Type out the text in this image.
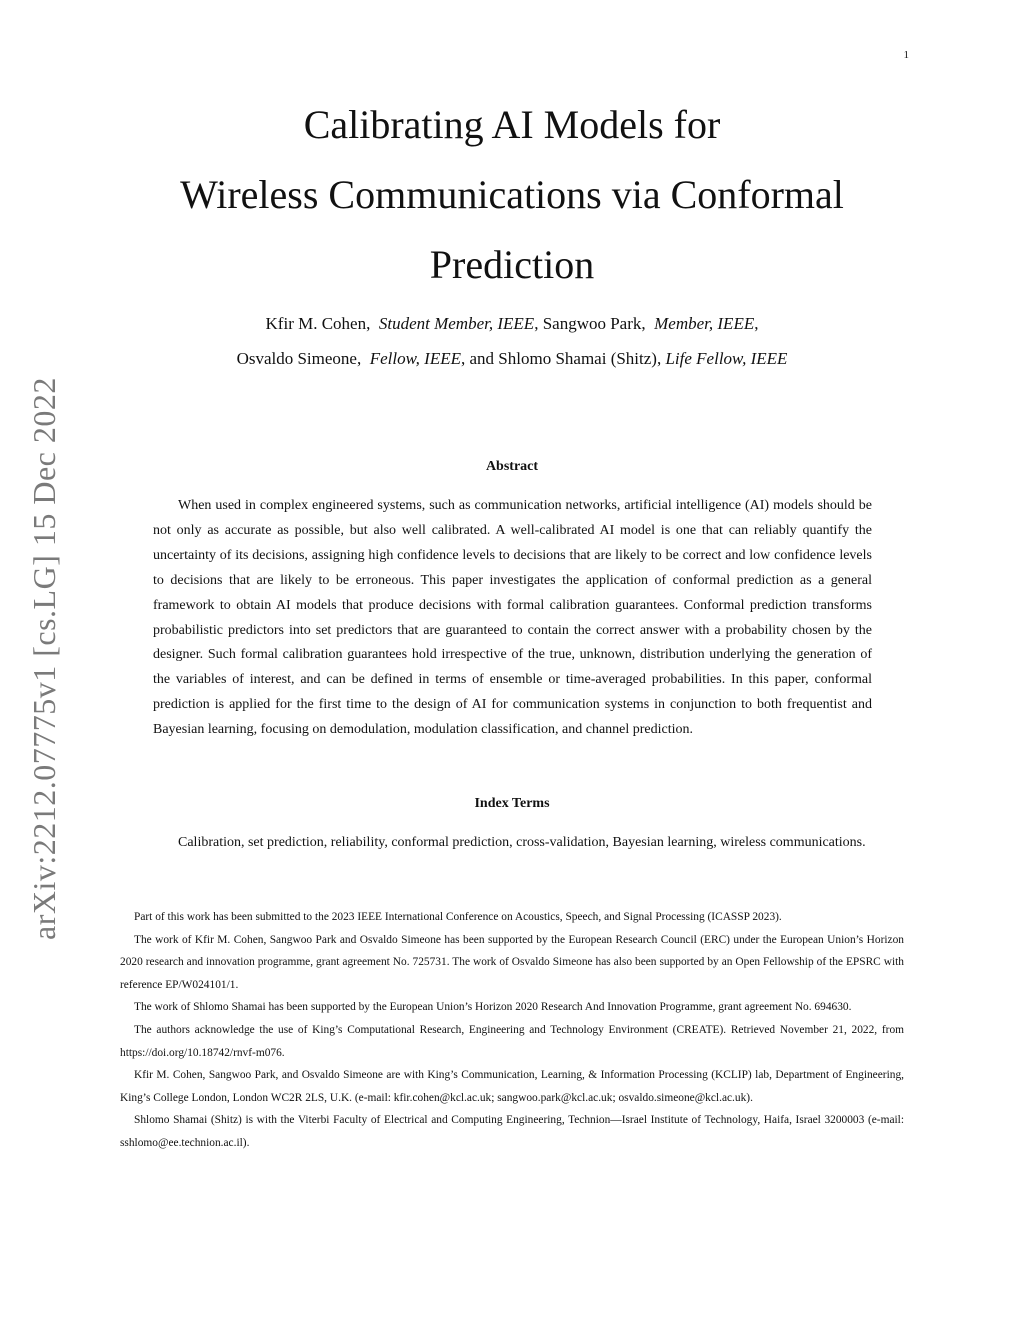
1
arXiv:2212.07775v1 [cs.LG] 15 Dec 2022
Calibrating AI Models for
Wireless Communications via Conformal
Prediction
Kfir M. Cohen, Student Member, IEEE, Sangwoo Park, Member, IEEE,
Osvaldo Simeone, Fellow, IEEE, and Shlomo Shamai (Shitz), Life Fellow, IEEE
Abstract

When used in complex engineered systems, such as communication networks, artificial intelligence (AI) models should be not only as accurate as possible, but also well calibrated. A well-calibrated AI model is one that can reliably quantify the uncertainty of its decisions, assigning high confidence levels to decisions that are likely to be correct and low confidence levels to decisions that are likely to be erroneous. This paper investigates the application of conformal prediction as a general framework to obtain AI models that produce decisions with formal calibration guarantees. Conformal prediction transforms probabilistic predictors into set predictors that are guaranteed to contain the correct answer with a probability chosen by the designer. Such formal calibration guarantees hold irrespective of the true, unknown, distribution underlying the generation of the variables of interest, and can be defined in terms of ensemble or time-averaged probabilities. In this paper, conformal prediction is applied for the first time to the design of AI for communication systems in conjunction to both frequentist and Bayesian learning, focusing on demodulation, modulation classification, and channel prediction.

Index Terms

Calibration, set prediction, reliability, conformal prediction, cross-validation, Bayesian learning, wireless communications.

Part of this work has been submitted to the 2023 IEEE International Conference on Acoustics, Speech, and Signal Processing (ICASSP 2023).

The work of Kfir M. Cohen, Sangwoo Park and Osvaldo Simeone has been supported by the European Research Council (ERC) under the European Union’s Horizon 2020 research and innovation programme, grant agreement No. 725731. The work of Osvaldo Simeone has also been supported by an Open Fellowship of the EPSRC with reference EP/W024101/1.

The work of Shlomo Shamai has been supported by the European Union’s Horizon 2020 Research And Innovation Programme, grant agreement No. 694630.

The authors acknowledge the use of King’s Computational Research, Engineering and Technology Environment (CREATE). Retrieved November 21, 2022, from https://doi.org/10.18742/rnvf-m076.

Kfir M. Cohen, Sangwoo Park, and Osvaldo Simeone are with King’s Communication, Learning, & Information Processing (KCLIP) lab, Department of Engineering, King’s College London, London WC2R 2LS, U.K. (e-mail: kfir.cohen@kcl.ac.uk; sangwoo.park@kcl.ac.uk; osvaldo.simeone@kcl.ac.uk).

Shlomo Shamai (Shitz) is with the Viterbi Faculty of Electrical and Computing Engineering, Technion—Israel Institute of Technology, Haifa, Israel 3200003 (e-mail: sshlomo@ee.technion.ac.il).
